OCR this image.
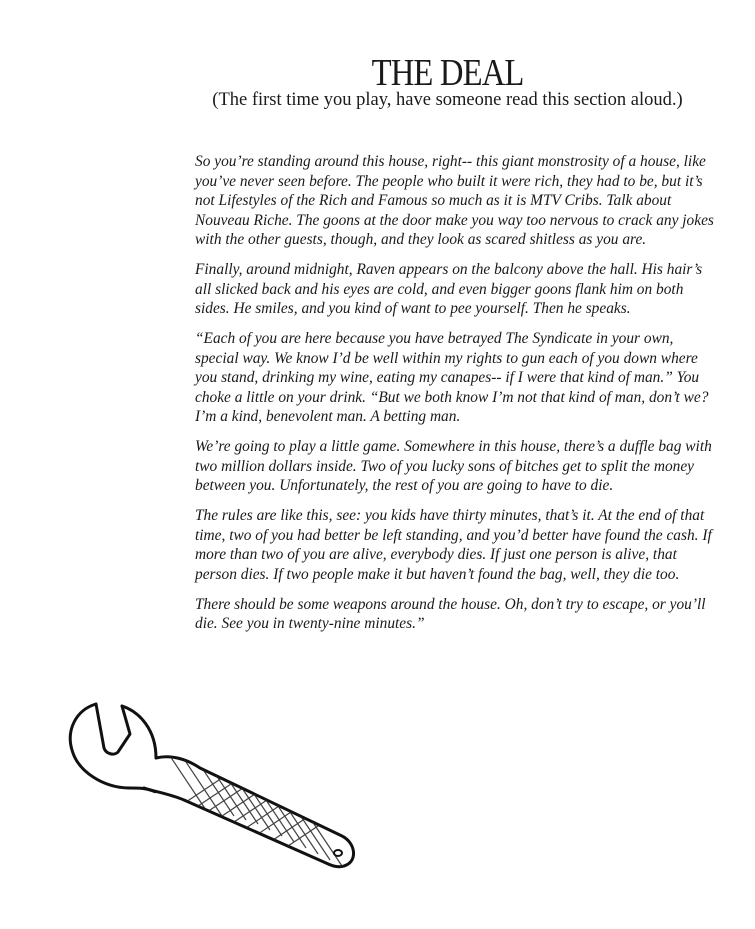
THE DEAL
(The first time you play, have someone read this section aloud.)

So you’re standing around this house, right-- this giant monstrosity of a house, like you’ve never seen before. The people who built it were rich, they had to be, but it’s not Lifestyles of the Rich and Famous so much as it is MTV Cribs. Talk about Nouveau Riche. The goons at the door make you way too nervous to crack any jokes with the other guests, though, and they look as scared shitless as you are.

Finally, around midnight, Raven appears on the balcony above the hall. His hair’s all slicked back and his eyes are cold, and even bigger goons flank him on both sides. He smiles, and you kind of want to pee yourself. Then he speaks.

“Each of you are here because you have betrayed The Syndicate in your own, special way. We know I’d be well within my rights to gun each of you down where you stand, drinking my wine, eating my canapes-- if I were that kind of man.” You choke a little on your drink. “But we both know I’m not that kind of man, don’t we? I’m a kind, benevolent man. A betting man.

We’re going to play a little game. Somewhere in this house, there’s a duffle bag with two million dollars inside. Two of you lucky sons of bitches get to split the money between you. Unfortunately, the rest of you are going to have to die.

The rules are like this, see: you kids have thirty minutes, that’s it. At the end of that time, two of you had better be left standing, and you’d better have found the cash. If more than two of you are alive, everybody dies. If just one person is alive, that person dies. If two people make it but haven’t found the bag, well, they die too.

There should be some weapons around the house. Oh, don’t try to escape, or you’ll die. See you in twenty-nine minutes.”
